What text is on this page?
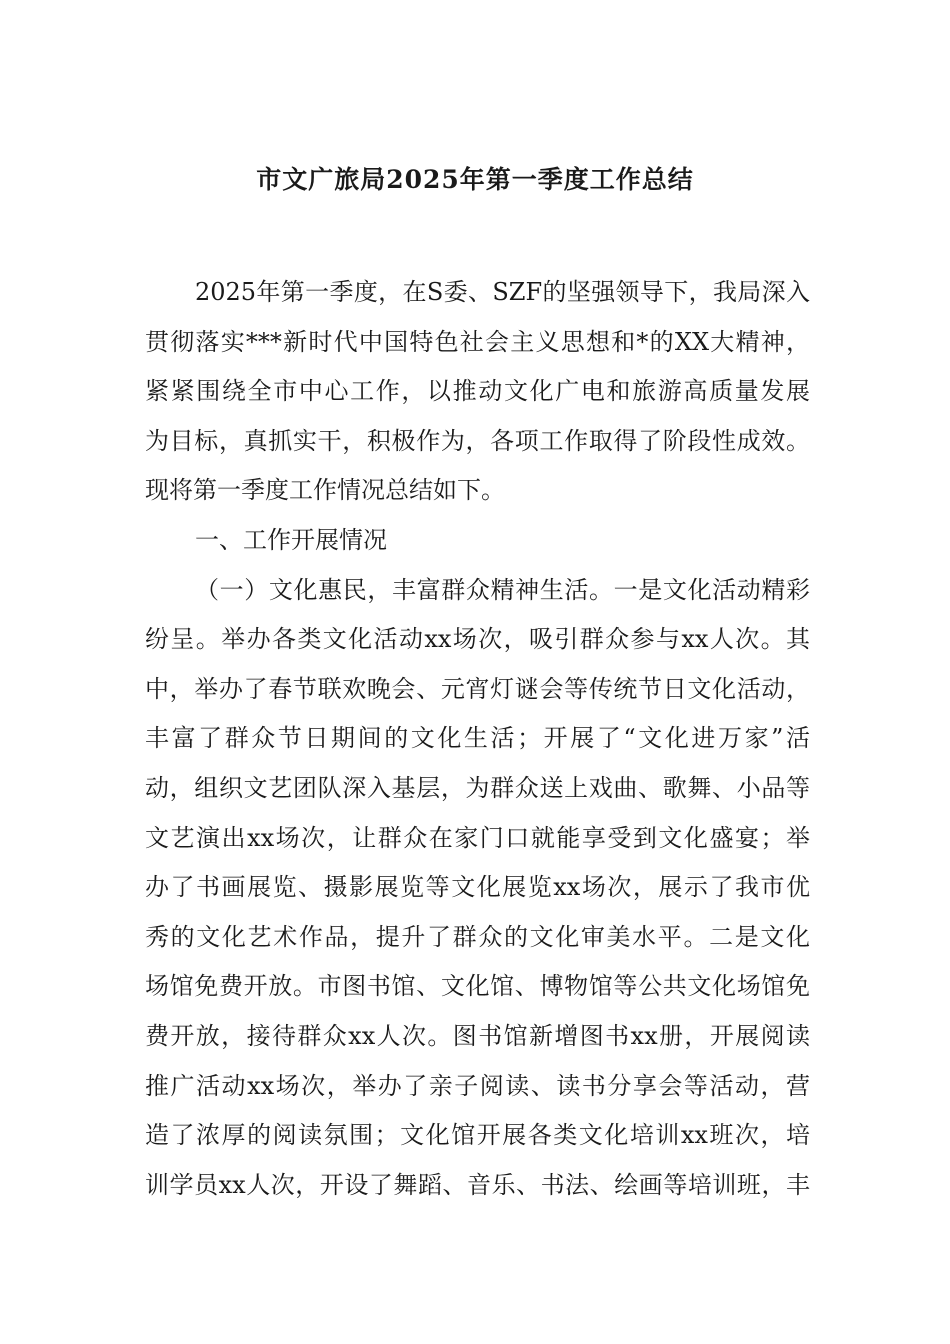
市文广旅局2025年第一季度工作总结
2025年第一季度，在S委、SZF的坚强领导下，我局深入
贯彻落实***新时代中国特色社会主义思想和*的XX大精神，
紧紧围绕全市中心工作，以推动文化广电和旅游高质量发展
为目标，真抓实干，积极作为，各项工作取得了阶段性成效。
现将第一季度工作情况总结如下。
一、工作开展情况
（一）文化惠民，丰富群众精神生活。一是文化活动精彩
纷呈。举办各类文化活动xx场次，吸引群众参与xx人次。其
中，举办了春节联欢晚会、元宵灯谜会等传统节日文化活动，
丰富了群众节日期间的文化生活；开展了“文化进万家”活
动，组织文艺团队深入基层，为群众送上戏曲、歌舞、小品等
文艺演出xx场次，让群众在家门口就能享受到文化盛宴；举
办了书画展览、摄影展览等文化展览xx场次，展示了我市优
秀的文化艺术作品，提升了群众的文化审美水平。二是文化
场馆免费开放。市图书馆、文化馆、博物馆等公共文化场馆免
费开放，接待群众xx人次。图书馆新增图书xx册，开展阅读
推广活动xx场次，举办了亲子阅读、读书分享会等活动，营
造了浓厚的阅读氛围；文化馆开展各类文化培训xx班次，培
训学员xx人次，开设了舞蹈、音乐、书法、绘画等培训班，丰
